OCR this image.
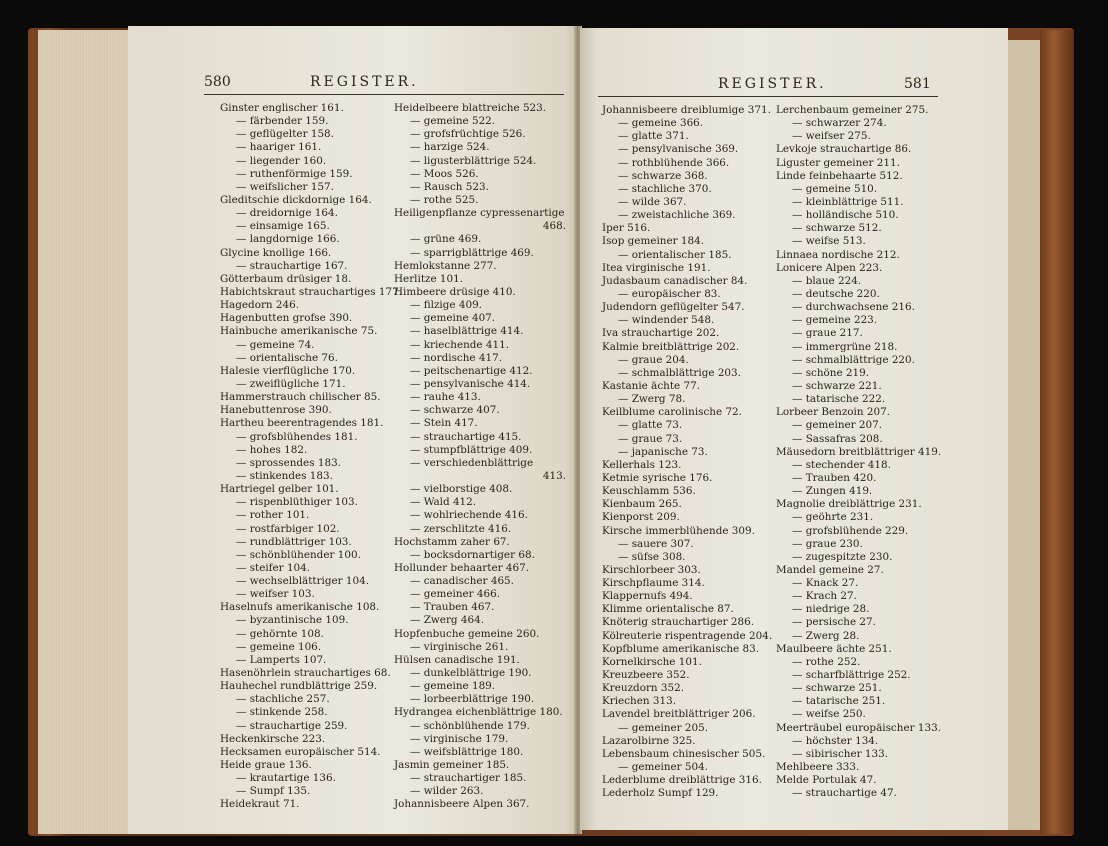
580	REGISTER.
Ginster englischer 161.
— färbender 159.
— geflügelter 158.
— haariger 161.
— liegender 160.
— ruthenförmige 159.
— weifslicher 157.
Gleditschie dickdornige 164.
— dreidornige 164.
— einsamige 165.
— langdornige 166.
Glycine knollige 166.
— strauchartige 167.
Götterbaum drüsiger 18.
Habichtskraut strauchartiges 177.
Hagedorn 246.
Hagenbutten grofse 390.
Hainbuche amerikanische 75.
— gemeine 74.
— orientalische 76.
Halesie vierflügliche 170.
— zweiflügliche 171.
Hammerstrauch chilischer 85.
Hanebuttenrose 390.
Hartheu beerentragendes 181.
— grofsblühendes 181.
— hohes 182.
— sprossendes 183.
— stinkendes 183.
Hartriegel gelber 101.
— rispenblüthiger 103.
— rother 101.
— rostfarbiger 102.
— rundblättriger 103.
— schönblühender 100.
— steifer 104.
— wechselblättriger 104.
— weifser 103.
Haselnufs amerikanische 108.
— byzantinische 109.
— gehörnte 108.
— gemeine 106.
— Lamperts 107.
Hasenöhrlein strauchartiges 68.
Hauhechel rundblättrige 259.
— stachliche 257.
— stinkende 258.
— strauchartige 259.
Heckenkirsche 223.
Hecksamen europäischer 514.
Heide graue 136.
— krautartige 136.
— Sumpf 135.
Heidekraut 71.
Heidelbeere blattreiche 523.
— gemeine 522.
— grofsfrüchtige 526.
— harzige 524.
— ligusterblättrige 524.
— Moos 526.
— Rausch 523.
— rothe 525.
Heiligenpflanze cypressenartige
468.
— grüne 469.
— sparrigblättrige 469.
Hemlokstanne 277.
Herlitze 101.
Himbeere drüsige 410.
— filzige 409.
— gemeine 407.
— haselblättrige 414.
— kriechende 411.
— nordische 417.
— peitschenartige 412.
— pensylvanische 414.
— rauhe 413.
— schwarze 407.
— Stein 417.
— strauchartige 415.
— stumpfblättrige 409.
— verschiedenblättrige
413.
— vielborstige 408.
— Wald 412.
— wohlriechende 416.
— zerschlitzte 416.
Hochstamm zaher 67.
— bocksdornartiger 68.
Hollunder behaarter 467.
— canadischer 465.
— gemeiner 466.
— Trauben 467.
— Zwerg 464.
Hopfenbuche gemeine 260.
— virginische 261.
Hülsen canadische 191.
— dunkelblättrige 190.
— gemeine 189.
— lorbeerblättrige 190.
Hydrangea eichenblättrige 180.
— schönblühende 179.
— virginische 179.
— weifsblättrige 180.
Jasmin gemeiner 185.
— strauchartiger 185.
— wilder 263.
Johannisbeere Alpen 367.
REGISTER.	581
Johannisbeere dreiblumige 371.
— gemeine 366.
— glatte 371.
— pensylvanische 369.
— rothblühende 366.
— schwarze 368.
— stachliche 370.
— wilde 367.
— zweistachliche 369.
Iper 516.
Isop gemeiner 184.
— orientalischer 185.
Itea virginische 191.
Judasbaum canadischer 84.
— europäischer 83.
Judendorn geflügelter 547.
— windender 548.
Iva strauchartige 202.
Kalmie breitblättrige 202.
— graue 204.
— schmalblättrige 203.
Kastanie ächte 77.
— Zwerg 78.
Keilblume carolinische 72.
— glatte 73.
— graue 73.
— japanische 73.
Kellerhals 123.
Ketmie syrische 176.
Keuschlamm 536.
Kienbaum 265.
Kienporst 209.
Kirsche immerblühende 309.
— sauere 307.
— süfse 308.
Kirschlorbeer 303.
Kirschpflaume 314.
Klappernufs 494.
Klimme orientalische 87.
Knöterig strauchartiger 286.
Kölreuterie rispentragende 204.
Kopfblume amerikanische 83.
Kornelkirsche 101.
Kreuzbeere 352.
Kreuzdorn 352.
Kriechen 313.
Lavendel breitblättriger 206.
— gemeiner 205.
Lazarolbirne 325.
Lebensbaum chinesischer 505.
— gemeiner 504.
Lederblume dreiblättrige 316.
Lederholz Sumpf 129.
Lerchenbaum gemeiner 275.
— schwarzer 274.
— weifser 275.
Levkoje strauchartige 86.
Liguster gemeiner 211.
Linde feinbehaarte 512.
— gemeine 510.
— kleinblättrige 511.
— holländische 510.
— schwarze 512.
— weifse 513.
Linnaea nordische 212.
Lonicere Alpen 223.
— blaue 224.
— deutsche 220.
— durchwachsene 216.
— gemeine 223.
— graue 217.
— immergrüne 218.
— schmalblättrige 220.
— schöne 219.
— schwarze 221.
— tatarische 222.
Lorbeer Benzoin 207.
— gemeiner 207.
— Sassafras 208.
Mäusedorn breitblättriger 419.
— stechender 418.
— Trauben 420.
— Zungen 419.
Magnolie dreiblättrige 231.
— geöhrte 231.
— grofsblühende 229.
— graue 230.
— zugespitzte 230.
Mandel gemeine 27.
— Knack 27.
— Krach 27.
— niedrige 28.
— persische 27.
— Zwerg 28.
Maulbeere ächte 251.
— rothe 252.
— scharfblättrige 252.
— schwarze 251.
— tatarische 251.
— weifse 250.
Meerträubel europäischer 133.
— höchster 134.
— sibirischer 133.
Mehlbeere 333.
Melde Portulak 47.
— strauchartige 47.
